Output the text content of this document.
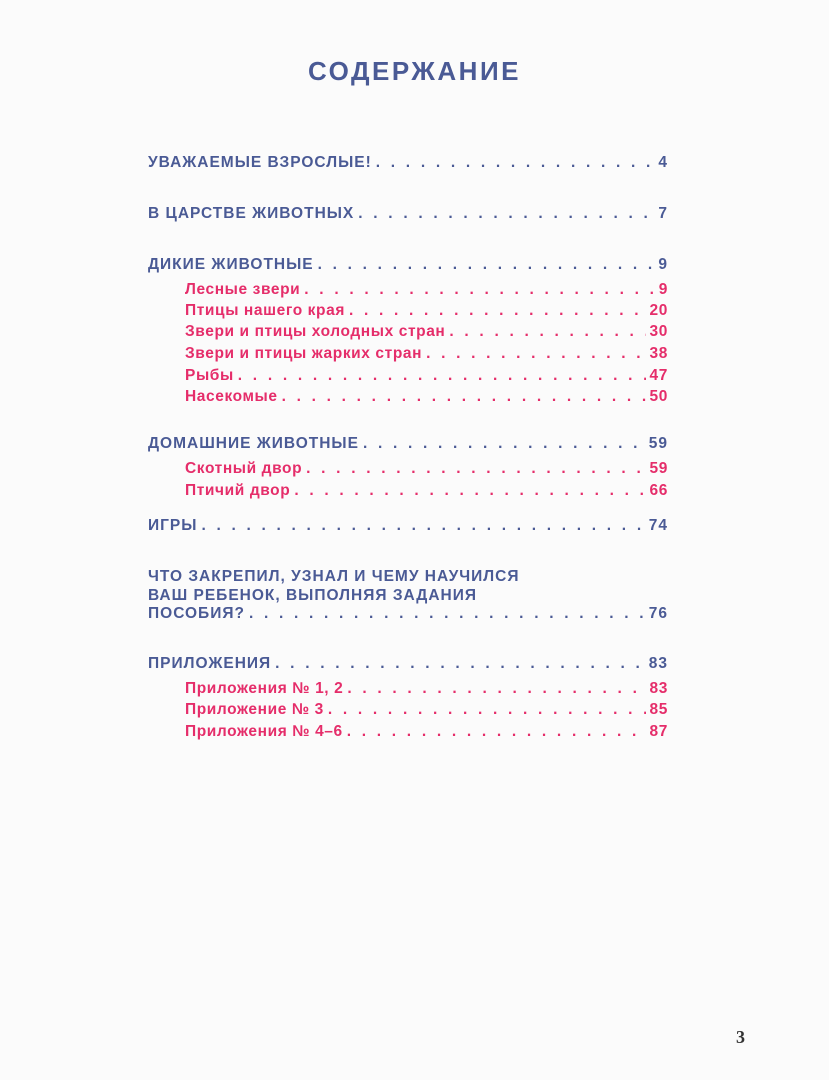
СОДЕРЖАНИЕ
УВАЖАЕМЫЕ ВЗРОСЛЫЕ! . . .	4
В ЦАРСТВЕ ЖИВОТНЫХ . . .	7
ДИКИЕ ЖИВОТНЫЕ . . .	9
Лесные звери . . .	9
Птицы нашего края . . .	20
Звери и птицы холодных стран . . .	30
Звери и птицы жарких стран . . .	38
Рыбы . . .	47
Насекомые . . .	50
ДОМАШНИЕ ЖИВОТНЫЕ . . .	59
Скотный двор . . .	59
Птичий двор . . .	66
ИГРЫ . . .	74
ЧТО ЗАКРЕПИЛ, УЗНАЛ И ЧЕМУ НАУЧИЛСЯ
ВАШ РЕБЕНОК, ВЫПОЛНЯЯ ЗАДАНИЯ
ПОСОБИЯ? . . .	76
ПРИЛОЖЕНИЯ . . .	83
Приложения № 1, 2 . . .	83
Приложение № 3 . . .	85
Приложения № 4–6 . . .	87
3
